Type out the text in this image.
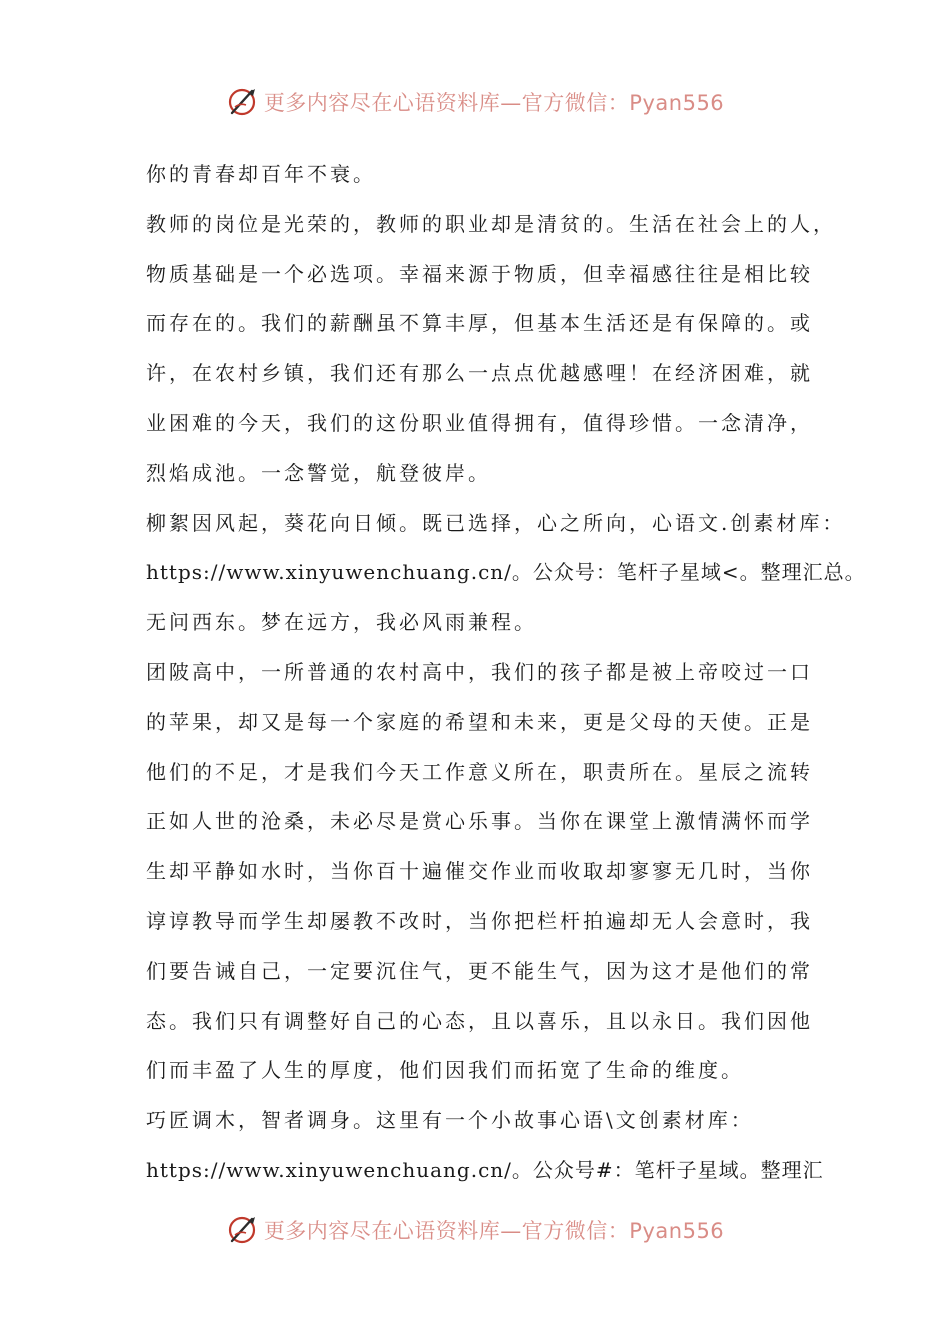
更多内容尽在心语资料库—官方微信：Pyan556
你的青春却百年不衰。
教师的岗位是光荣的，教师的职业却是清贫的。生活在社会上的人，
物质基础是一个必选项。幸福来源于物质，但幸福感往往是相比较
而存在的。我们的薪酬虽不算丰厚，但基本生活还是有保障的。或
许，在农村乡镇，我们还有那么一点点优越感哩！在经济困难，就
业困难的今天，我们的这份职业值得拥有，值得珍惜。一念清净，
烈焰成池。一念警觉，航登彼岸。
柳絮因风起，葵花向日倾。既已选择，心之所向，心语文.创素材库：
https://www.xinyuwenchuang.cn/。公众号：笔杆子星域<。整理汇总。
无问西东。梦在远方，我必风雨兼程。
团陂高中，一所普通的农村高中，我们的孩子都是被上帝咬过一口
的苹果，却又是每一个家庭的希望和未来，更是父母的天使。正是
他们的不足，才是我们今天工作意义所在，职责所在。星辰之流转
正如人世的沧桑，未必尽是赏心乐事。当你在课堂上激情满怀而学
生却平静如水时，当你百十遍催交作业而收取却寥寥无几时，当你
谆谆教导而学生却屡教不改时，当你把栏杆拍遍却无人会意时，我
们要告诫自己，一定要沉住气，更不能生气，因为这才是他们的常
态。我们只有调整好自己的心态，且以喜乐，且以永日。我们因他
们而丰盈了人生的厚度，他们因我们而拓宽了生命的维度。
巧匠调木，智者调身。这里有一个小故事心语\文创素材库：
https://www.xinyuwenchuang.cn/。公众号#：笔杆子星域。整理汇
更多内容尽在心语资料库—官方微信：Pyan556
